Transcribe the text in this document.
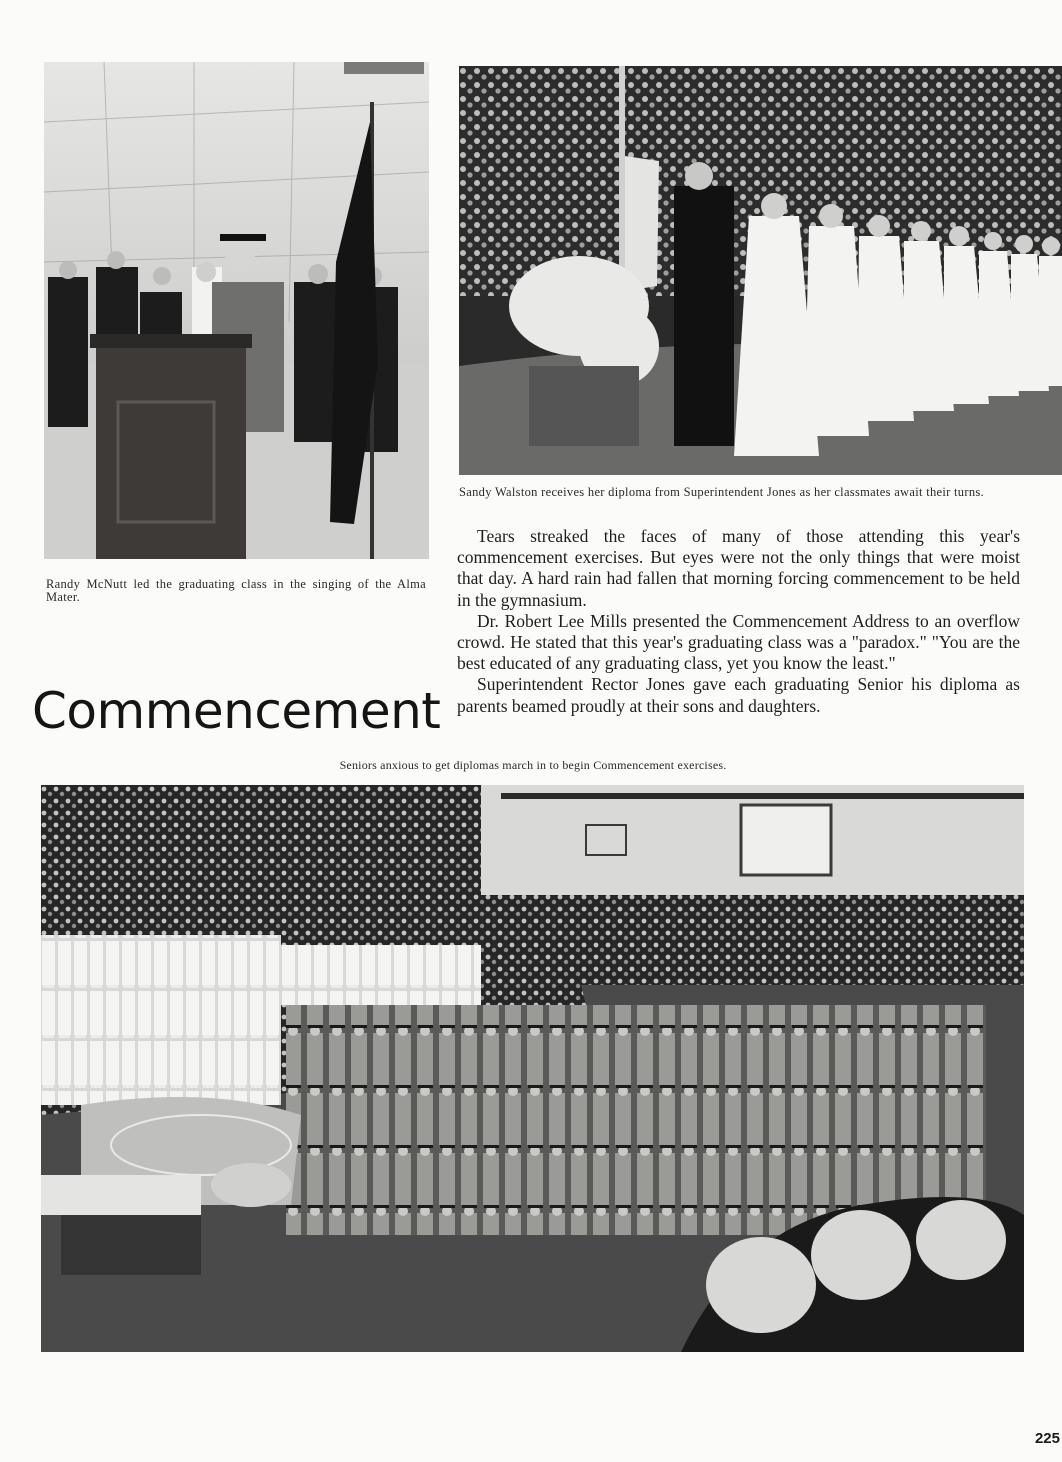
Randy McNutt led the graduating class in the singing of the Alma Mater.
Sandy Walston receives her diploma from Superintendent Jones as her classmates await their turns.
Commencement

Tears streaked the faces of many of those attending this year's commencement exercises. But eyes were not the only things that were moist that day. A hard rain had fallen that morning forcing commencement to be held in the gymnasium.

Dr. Robert Lee Mills presented the Commencement Address to an overflow crowd. He stated that this year's graduating class was a "paradox." "You are the best educated of any graduating class, yet you know the least."

Superintendent Rector Jones gave each graduating Senior his diploma as parents beamed proudly at their sons and daughters.

Seniors anxious to get diplomas march in to begin Commencement exercises.
225
